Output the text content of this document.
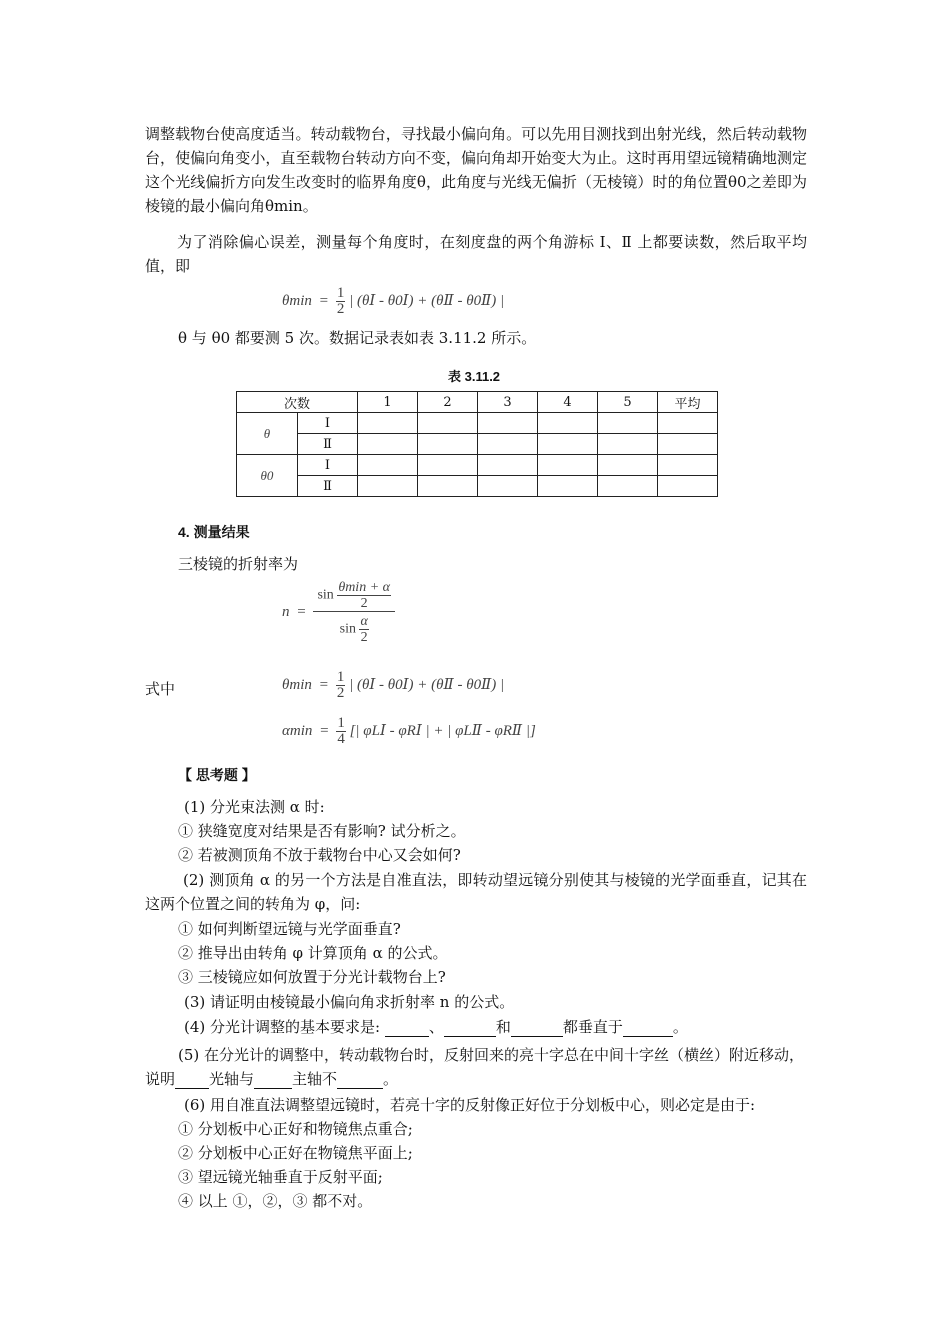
调整载物台使高度适当。转动载物台，寻找最小偏向角。可以先用目测找到出射光线，然后转动载物台，使偏向角变小，直至载物台转动方向不变，偏向角却开始变大为止。这时再用望远镜精确地测定这个光线偏折方向发生改变时的临界角度θ，此角度与光线无偏折（无棱镜）时的角位置θ0之差即为棱镜的最小偏向角θmin。
为了消除偏心误差，测量每个角度时，在刻度盘的两个角游标 Ⅰ、Ⅱ 上都要读数，然后取平均值，即
$\theta\min = \frac{1}{2}$ | (θⅠ - θ0Ⅰ) + (θⅡ - θ0Ⅱ) |
θ 与 θ0 都要测 5 次。数据记录表如表 3.11.2 所示。
表 3.11.2
次数		1	2	3	4	5	平均
θ	Ⅰ						
	Ⅱ						
θ0	Ⅰ						
	Ⅱ						
4. 测量结果
三棱镜的折射率为
$n = \frac{\sin \frac{\theta\min + \alpha}{2}}{\sin \frac{\alpha}{2}}$
式中	$\theta\min = \frac{1}{2}$ | (θⅠ - θ0Ⅰ) + (θⅡ - θ0Ⅱ) |
$\alpha\min = \frac{1}{4}$ [| φLⅠ - φRⅠ | + | φLⅡ - φRⅡ |]
【 思考题 】
(1) 分光束法测 α 时:
① 狭缝宽度对结果是否有影响? 试分析之。
② 若被测顶角不放于载物台中心又会如何?
(2) 测顶角 α 的另一个方法是自准直法，即转动望远镜分别使其与棱镜的光学面垂直，记其在这两个位置之间的转角为 φ，问:
① 如何判断望远镜与光学面垂直?
② 推导出由转角 φ 计算顶角 α 的公式。
③ 三棱镜应如何放置于分光计载物台上?
(3) 请证明由棱镜最小偏向角求折射率 n 的公式。
(4) 分光计调整的基本要求是:	、	和	都垂直于	。
(5) 在分光计的调整中，转动载物台时，反射回来的亮十字总在中间十字丝（横丝）附近移动，
说明 光轴与	主轴不	。
(6) 用自准直法调整望远镜时，若亮十字的反射像正好位于分划板中心，则必定是由于:
① 分划板中心正好和物镜焦点重合;
② 分划板中心正好在物镜焦平面上;
③ 望远镜光轴垂直于反射平面;
④ 以上 ①，②，③ 都不对。
